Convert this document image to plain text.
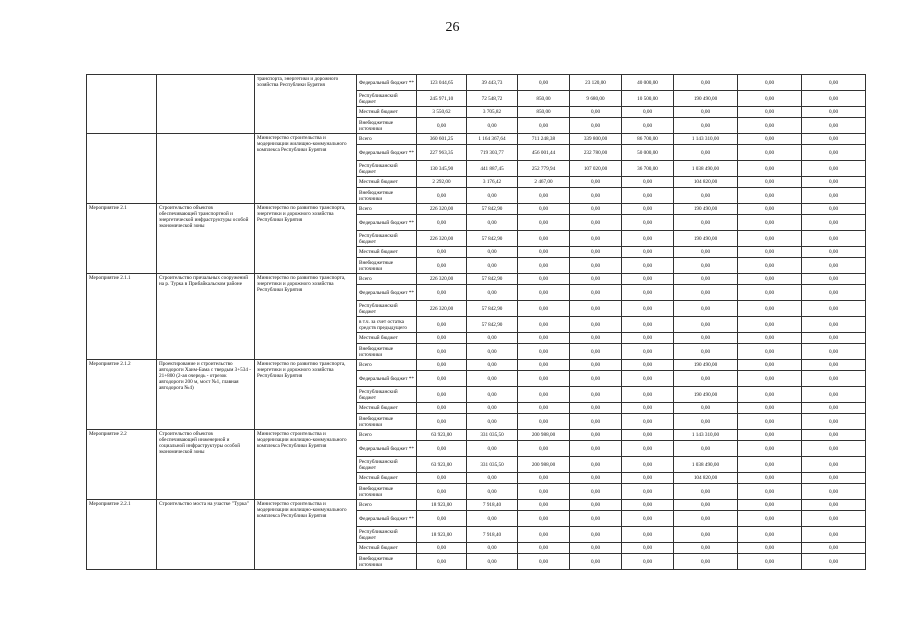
26
		транспорта, энергетики и дорожного хозяйства Республики Бурятия	Федеральный бюджет **	123 044,65	39 443,73	0,00	23 120,00	40 000,00	0,00	0,00	0,00
			Республиканский бюджет	245 971,10	72 548,72	850,00	9 680,00	10 500,00	190 490,00	0,00	0,00
			Местный бюджет	3 550,62	3 705,82	850,00	0,00	0,00	0,00	0,00	0,00
			Внебюджетные источники	0,00	0,00	0,00	0,00	0,00	0,00	0,00	0,00
		Министерство строительства и модернизации жилищно-коммунального комплекса Республики Бурятия	Всего	360 601,25	1 164 367,64	711 248,38	339 800,00	86 700,00	1 143 310,00	0,00	0,00
			Федеральный бюджет **	227 963,35	719 303,77	456 001,44	232 780,00	50 000,00	0,00	0,00	0,00
			Республиканский бюджет	130 345,90	441 887,45	252 779,94	107 020,00	36 700,00	1 038 490,00	0,00	0,00
			Местный бюджет	2 292,00	3 176,42	2 467,00	0,00	0,00	104 820,00	0,00	0,00
			Внебюджетные источники	0,00	0,00	0,00	0,00	0,00	0,00	0,00	0,00
Мероприятие 2.1	Строительство объектов обеспечивающей транспортной и энергетической инфраструктуры особой экономической зоны	Министерство по развитию транспорта, энергетики и дорожного хозяйства Республики Бурятия	Всего	226 320,00	57 842,90	0,00	0,00	0,00	190 490,00	0,00	0,00
			Федеральный бюджет **	0,00	0,00	0,00	0,00	0,00	0,00	0,00	0,00
			Республиканский бюджет	226 320,00	57 842,90	0,00	0,00	0,00	190 490,00	0,00	0,00
			Местный бюджет	0,00	0,00	0,00	0,00	0,00	0,00	0,00	0,00
			Внебюджетные источники	0,00	0,00	0,00	0,00	0,00	0,00	0,00	0,00
Мероприятие 2.1.1	Строительство причальных сооружений на р. Турка в Прибайкальском районе	Министерство по развитию транспорта, энергетики и дорожного хозяйства Республики Бурятия	Всего	226 320,00	57 842,90	0,00	0,00	0,00	0,00	0,00	0,00
			Федеральный бюджет **	0,00	0,00	0,00	0,00	0,00	0,00	0,00	0,00
			Республиканский бюджет	226 320,00	57 842,90	0,00	0,00	0,00	0,00	0,00	0,00
			в т.ч. за счет остатка средств предыдущего	0,00	57 842,90	0,00	0,00	0,00	0,00	0,00	0,00
			Местный бюджет	0,00	0,00	0,00	0,00	0,00	0,00	0,00	0,00
			Внебюджетные источники	0,00	0,00	0,00	0,00	0,00	0,00	0,00	0,00
Мероприятие 2.1.2	Проектирование и строительство автодороги Хаим-Бама с твердым 3+534 - 21+800 (2-ая очередь - отрезок автодороги 200 м, мост №1, главная автодорога №4)	Министерство по развитию транспорта, энергетики и дорожного хозяйства Республики Бурятия	Всего	0,00	0,00	0,00	0,00	0,00	190 490,00	0,00	0,00
			Федеральный бюджет **	0,00	0,00	0,00	0,00	0,00	0,00	0,00	0,00
			Республиканский бюджет	0,00	0,00	0,00	0,00	0,00	190 490,00	0,00	0,00
			Местный бюджет	0,00	0,00	0,00	0,00	0,00	0,00	0,00	0,00
			Внебюджетные источники	0,00	0,00	0,00	0,00	0,00	0,00	0,00	0,00
Мероприятие 2.2	Строительство объектов обеспечивающей инженерной и социальной инфраструктуры особой экономической зоны	Министерство строительства и модернизации жилищно-коммунального комплекса Республики Бурятия	Всего	63 923,00	331 035,50	200 988,00	0,00	0,00	1 143 310,00	0,00	0,00
			Федеральный бюджет **	0,00	0,00	0,00	0,00	0,00	0,00	0,00	0,00
			Республиканский бюджет	63 923,00	331 035,50	200 988,00	0,00	0,00	1 038 490,00	0,00	0,00
			Местный бюджет	0,00	0,00	0,00	0,00	0,00	104 820,00	0,00	0,00
			Внебюджетные источники	0,00	0,00	0,00	0,00	0,00	0,00	0,00	0,00
Мероприятие 2.2.1	Строительство моста на участке "Турка"	Министерство строительства и модернизации жилищно-коммунального комплекса Республики Бурятия	Всего	18 923,00	7 918,40	0,00	0,00	0,00	0,00	0,00	0,00
			Федеральный бюджет **	0,00	0,00	0,00	0,00	0,00	0,00	0,00	0,00
			Республиканский бюджет	18 923,00	7 918,40	0,00	0,00	0,00	0,00	0,00	0,00
			Местный бюджет	0,00	0,00	0,00	0,00	0,00	0,00	0,00	0,00
			Внебюджетные источники	0,00	0,00	0,00	0,00	0,00	0,00	0,00	0,00
